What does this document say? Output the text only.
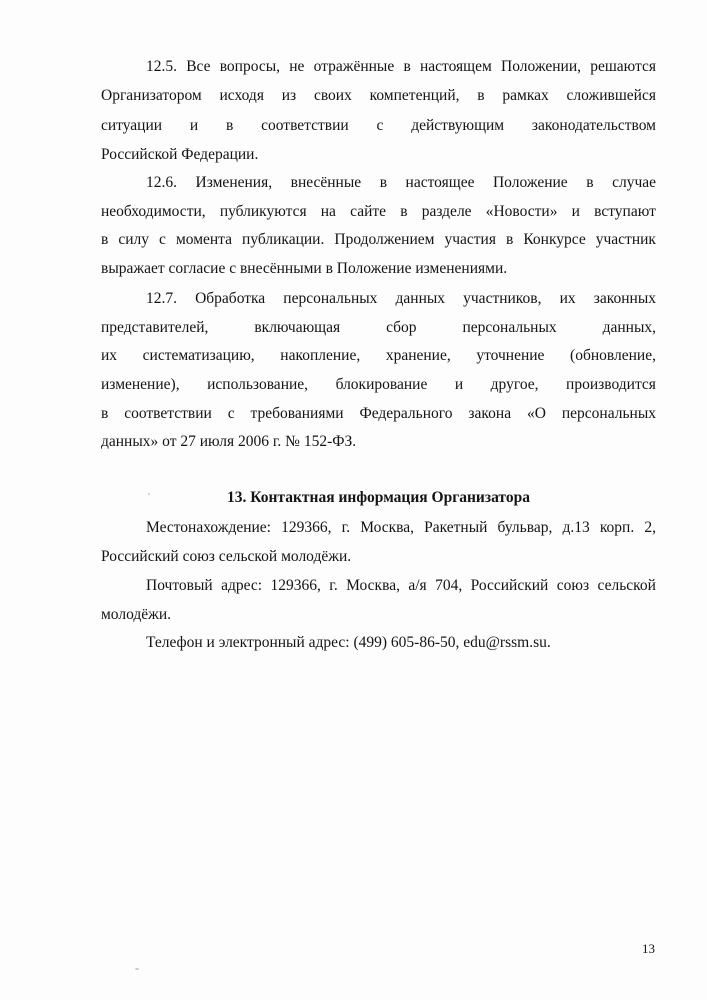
12.5. Все вопросы, не отражённые в настоящем Положении, решаются
Организатором исходя из своих компетенций, в рамках сложившейся
ситуации и в соответствии с действующим законодательством
Российской Федерации.
12.6. Изменения, внесённые в настоящее Положение в случае
необходимости, публикуются на сайте в разделе «Новости» и вступают
в силу с момента публикации. Продолжением участия в Конкурсе участник
выражает согласие с внесёнными в Положение изменениями.
12.7. Обработка персональных данных участников, их законных
представителей,	включающая	сбор	персональных	данных,
их систематизацию, накопление, хранение, уточнение (обновление,
изменение), использование, блокирование и другое, производится
в соответствии с требованиями Федерального закона «О персональных
данных» от 27 июля 2006 г. № 152-ФЗ.
13. Контактная информация Организатора
Местонахождение: 129366, г. Москва, Ракетный бульвар, д.13 корп. 2,
Российский союз сельской молодёжи.
Почтовый адрес: 129366, г. Москва, а/я 704, Российский союз сельской
молодёжи.
Телефон и электронный адрес: (499) 605-86-50, edu@rssm.su.
13
